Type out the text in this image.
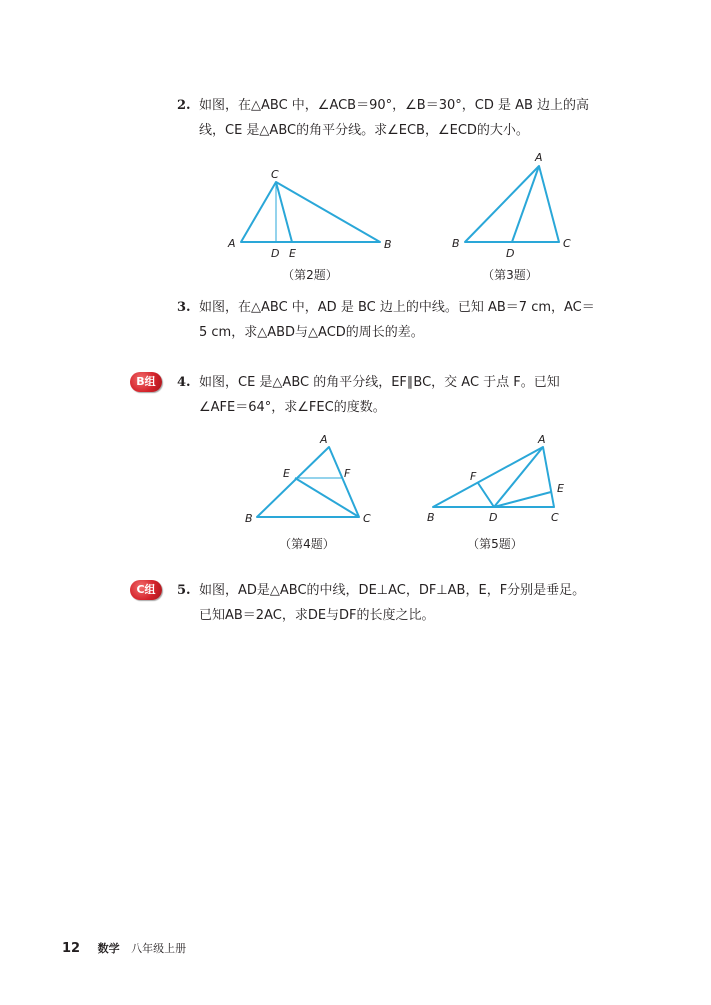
2. 如图，在△ABC 中，∠ACB＝90°，∠B＝30°，CD 是 AB 边上的高
线，CE 是△ABC的角平分线。求∠ECB，∠ECD的大小。
C
A
D E
B
（第2题）
A
B
D
C
（第3题）
3. 如图，在△ABC 中，AD 是 BC 边上的中线。已知 AB＝7 cm，AC＝
5 cm，求△ABD与△ACD的周长的差。
B组	4. 如图，CE 是△ABC 的角平分线，EF∥BC，交 AC 于点 F。已知
∠AFE＝64°，求∠FEC的度数。
A
E	F
B	C
（第4题）
A
F
E
B	D	C
（第5题）
C组	5. 如图，AD是△ABC的中线，DE⊥AC，DF⊥AB，E，F分别是垂足。
已知AB＝2AC，求DE与DF的长度之比。
12 数学 八年级上册
